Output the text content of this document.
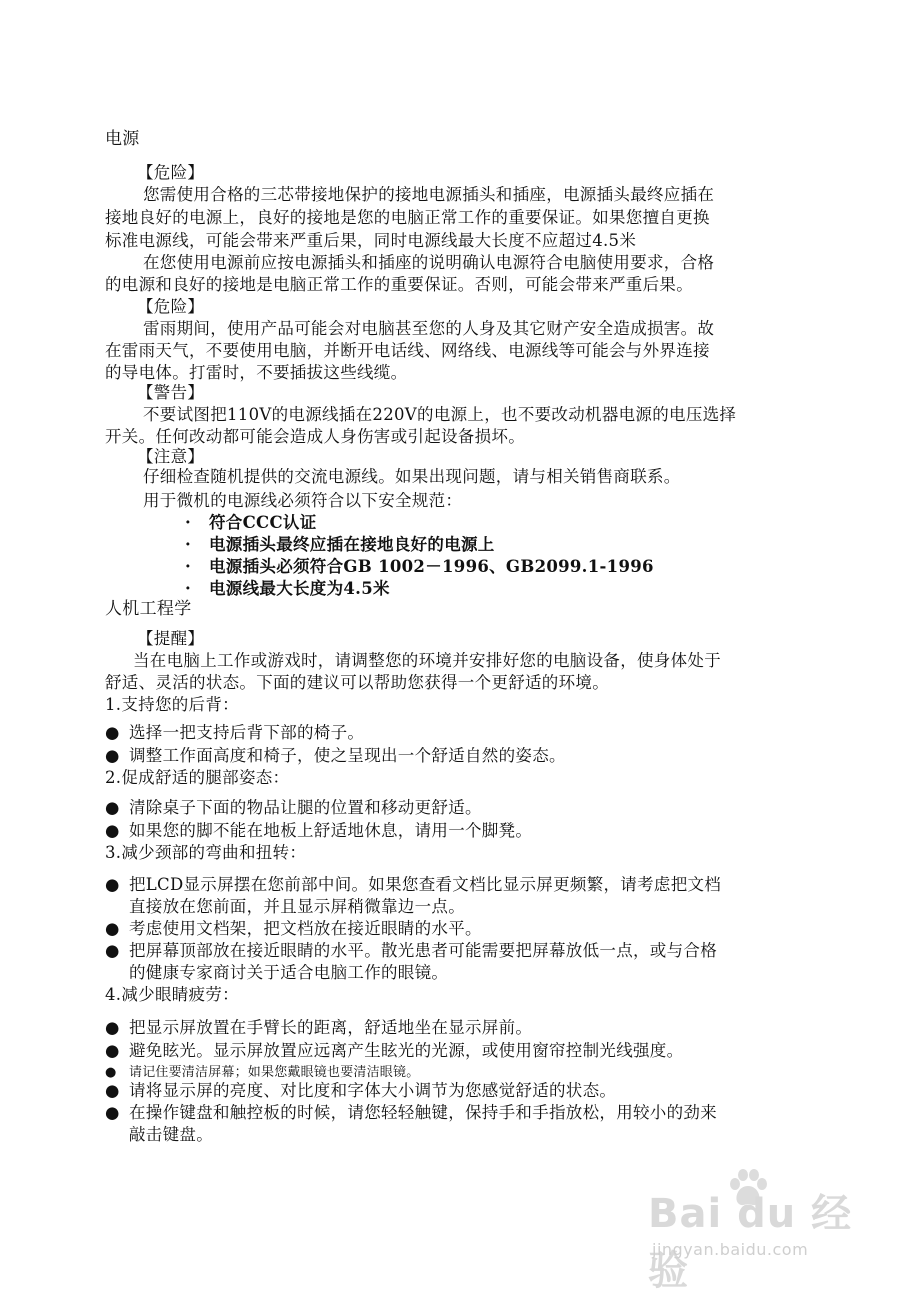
电源
【危险】
您需使用合格的三芯带接地保护的接地电源插头和插座，电源插头最终应插在
接地良好的电源上，良好的接地是您的电脑正常工作的重要保证。如果您擅自更换
标准电源线，可能会带来严重后果，同时电源线最大长度不应超过4.5米
在您使用电源前应按电源插头和插座的说明确认电源符合电脑使用要求，合格
的电源和良好的接地是电脑正常工作的重要保证。否则，可能会带来严重后果。
【危险】
雷雨期间，使用产品可能会对电脑甚至您的人身及其它财产安全造成损害。故
在雷雨天气，不要使用电脑，并断开电话线、网络线、电源线等可能会与外界连接
的导电体。打雷时，不要插拔这些线缆。
【警告】
不要试图把110V的电源线插在220V的电源上，也不要改动机器电源的电压选择
开关。任何改动都可能会造成人身伤害或引起设备损坏。
【注意】
仔细检查随机提供的交流电源线。如果出现问题，请与相关销售商联系。
用于微机的电源线必须符合以下安全规范：
· 符合CCC认证
· 电源插头最终应插在接地良好的电源上
· 电源插头必须符合GB 1002－1996、GB2099.1-1996
· 电源线最大长度为4.5米
人机工程学
【提醒】
当在电脑上工作或游戏时，请调整您的环境并安排好您的电脑设备，使身体处于
舒适、灵活的状态。下面的建议可以帮助您获得一个更舒适的环境。
1.支持您的后背：
● 选择一把支持后背下部的椅子。
● 调整工作面高度和椅子，使之呈现出一个舒适自然的姿态。
2.促成舒适的腿部姿态：
● 清除桌子下面的物品让腿的位置和移动更舒适。
● 如果您的脚不能在地板上舒适地休息，请用一个脚凳。
3.减少颈部的弯曲和扭转：
● 把LCD显示屏摆在您前部中间。如果您查看文档比显示屏更频繁，请考虑把文档
直接放在您前面，并且显示屏稍微靠边一点。
● 考虑使用文档架，把文档放在接近眼睛的水平。
● 把屏幕顶部放在接近眼睛的水平。散光患者可能需要把屏幕放低一点，或与合格
的健康专家商讨关于适合电脑工作的眼镜。
4.减少眼睛疲劳：
● 把显示屏放置在手臂长的距离，舒适地坐在显示屏前。
● 避免眩光。显示屏放置应远离产生眩光的光源，或使用窗帘控制光线强度。
● 请记住要清洁屏幕；如果您戴眼镜也要清洁眼镜。
● 请将显示屏的亮度、对比度和字体大小调节为您感觉舒适的状态。
● 在操作键盘和触控板的时候，请您轻轻触键，保持手和手指放松，用较小的劲来
敲击键盘。
Bai du 经验
jingyan.baidu.com
